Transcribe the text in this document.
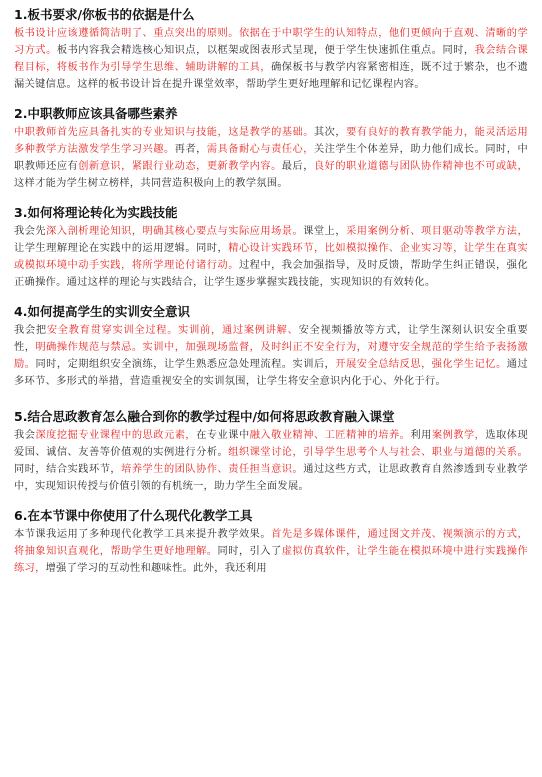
1.板书要求/你板书的依据是什么

板书设计应该遵循简洁明了、重点突出的原则。依据在于中职学生的认知特点，他们更倾向于直观、清晰的学习方式。板书内容我会精选核心知识点，以框架或图表形式呈现，便于学生快速抓住重点。同时，我会结合课程目标，将板书作为引导学生思维、辅助讲解的工具，确保板书与教学内容紧密相连，既不过于繁杂，也不遗漏关键信息。这样的板书设计旨在提升课堂效率，帮助学生更好地理解和记忆课程内容。

2.中职教师应该具备哪些素养

中职教师首先应具备扎实的专业知识与技能，这是教学的基础。其次，要有良好的教育教学能力，能灵活运用多种教学方法激发学生学习兴趣。再者，需具备耐心与责任心，关注学生个体差异，助力他们成长。同时，中职教师还应有创新意识，紧跟行业动态，更新教学内容。最后，良好的职业道德与团队协作精神也不可或缺，这样才能为学生树立榜样，共同营造积极向上的教学氛围。

3.如何将理论转化为实践技能

我会先深入剖析理论知识，明确其核心要点与实际应用场景。课堂上，采用案例分析、项目驱动等教学方法，让学生理解理论在实践中的运用逻辑。同时，精心设计实践环节，比如模拟操作、企业实习等，让学生在真实或模拟环境中动手实践，将所学理论付诸行动。过程中，我会加强指导，及时反馈，帮助学生纠正错误，强化正确操作。通过这样的理论与实践结合，让学生逐步掌握实践技能，实现知识的有效转化。

4.如何提高学生的实训安全意识

我会把安全教育贯穿实训全过程。实训前，通过案例讲解、安全视频播放等方式，让学生深刻认识安全重要性，明确操作规范与禁忌。实训中，加强现场监督，及时纠正不安全行为，对遵守安全规范的学生给予表扬激励。同时，定期组织安全演练，让学生熟悉应急处理流程。实训后，开展安全总结反思，强化学生记忆。通过多环节、多形式的举措，营造重视安全的实训氛围，让学生将安全意识内化于心、外化于行。

5.结合思政教育怎么融合到你的教学过程中/如何将思政教育融入课堂

我会深度挖掘专业课程中的思政元素，在专业课中融入敬业精神、工匠精神的培养。利用案例教学，选取体现爱国、诚信、友善等价值观的实例进行分析。组织课堂讨论，引导学生思考个人与社会、职业与道德的关系。同时，结合实践环节，培养学生的团队协作、责任担当意识。通过这些方式，让思政教育自然渗透到专业教学中，实现知识传授与价值引领的有机统一，助力学生全面发展。

6.在本节课中你使用了什么现代化教学工具

本节课我运用了多种现代化教学工具来提升教学效果。首先是多媒体课件，通过图文并茂、视频演示的方式，将抽象知识直观化，帮助学生更好地理解。同时，引入了虚拟仿真软件，让学生能在模拟环境中进行实践操作练习，增强了学习的互动性和趣味性。此外，我还利用
